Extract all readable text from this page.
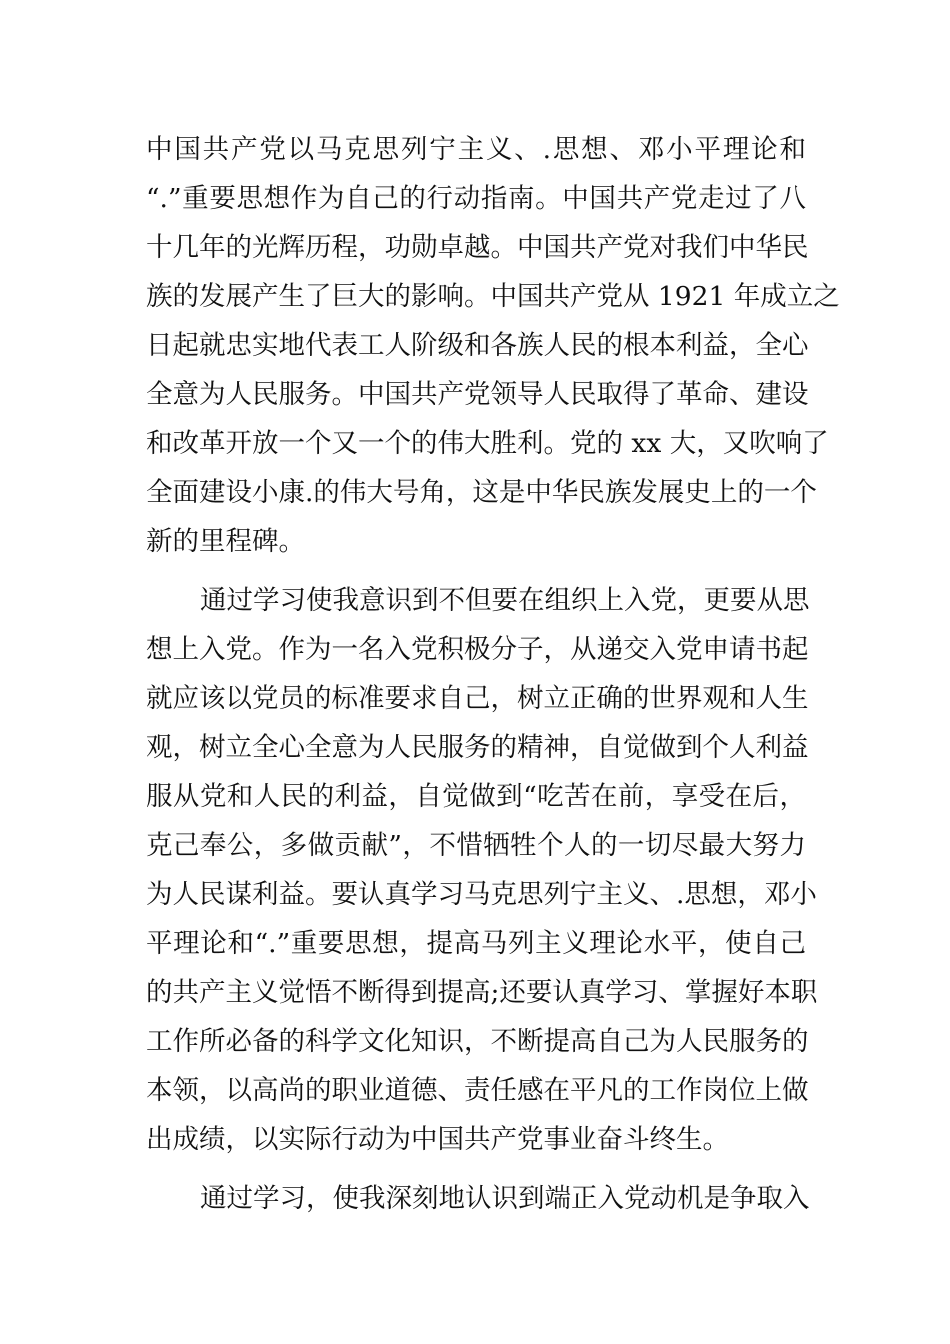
中国共产党以马克思列宁主义、.思想、邓小平理论和
“.”重要思想作为自己的行动指南。中国共产党走过了八
十几年的光辉历程，功勋卓越。中国共产党对我们中华民
族的发展产生了巨大的影响。中国共产党从 1921 年成立之
日起就忠实地代表工人阶级和各族人民的根本利益，全心
全意为人民服务。中国共产党领导人民取得了革命、建设
和改革开放一个又一个的伟大胜利。党的 xx 大，又吹响了
全面建设小康.的伟大号角，这是中华民族发展史上的一个
新的里程碑。
通过学习使我意识到不但要在组织上入党，更要从思
想上入党。作为一名入党积极分子，从递交入党申请书起
就应该以党员的标准要求自己，树立正确的世界观和人生
观，树立全心全意为人民服务的精神，自觉做到个人利益
服从党和人民的利益，自觉做到“吃苦在前，享受在后，
克己奉公，多做贡献”，不惜牺牲个人的一切尽最大努力
为人民谋利益。要认真学习马克思列宁主义、.思想，邓小
平理论和“.”重要思想，提高马列主义理论水平，使自己
的共产主义觉悟不断得到提高;还要认真学习、掌握好本职
工作所必备的科学文化知识，不断提高自己为人民服务的
本领，以高尚的职业道德、责任感在平凡的工作岗位上做
出成绩，以实际行动为中国共产党事业奋斗终生。
通过学习，使我深刻地认识到端正入党动机是争取入
